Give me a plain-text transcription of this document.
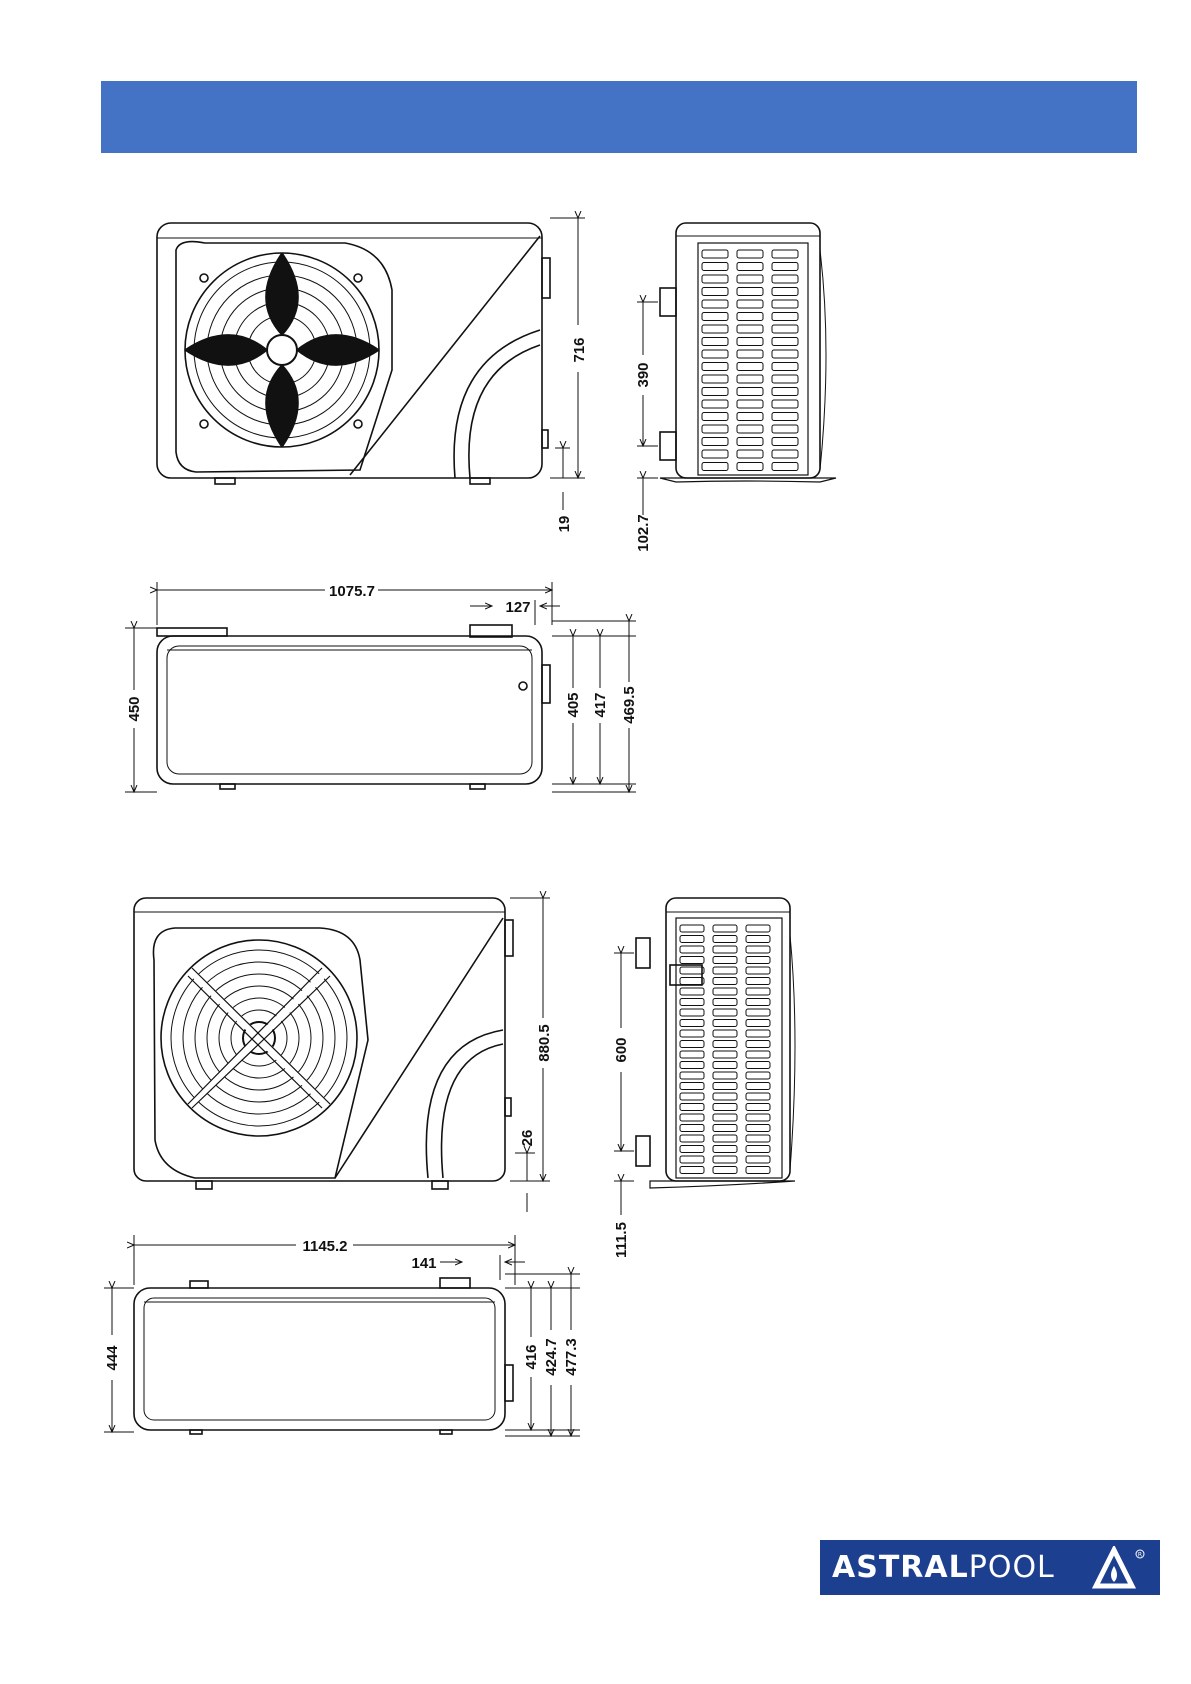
716
19
390
102.7
1075.7
127
450	405 417 469.5
880.5
26
600
111.5
1145.2
141
444	416 424.7 477.3
ASTRALPOOL	R
